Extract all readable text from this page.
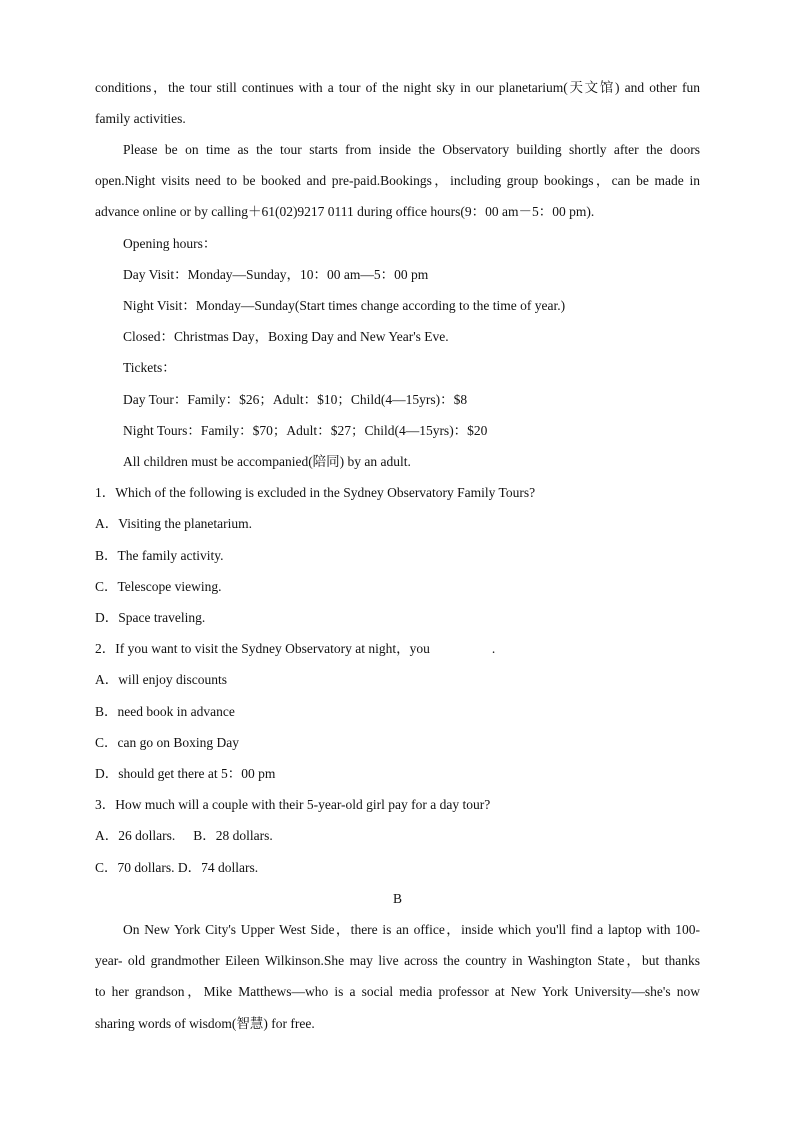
conditions，the tour still continues with a tour of the night sky in our planetarium(天文馆) and other fun
family activities.
Please be on time as the tour starts from inside the Observatory building shortly after the doors
open.Night visits need to be booked and pre-paid.Bookings，including group bookings，can be made in
advance online or by calling＋61(02)9217 0111 during office hours(9：00 am－5：00 pm).
Opening hours：
Day Visit：Monday—Sunday，10：00 am—5：00 pm
Night Visit：Monday—Sunday(Start times change according to the time of year.)
Closed：Christmas Day，Boxing Day and New Year's Eve.
Tickets：
Day Tour：Family：$26；Adult：$10；Child(4—15yrs)：$8
Night Tours：Family：$70；Adult：$27；Child(4—15yrs)：$20
All children must be accompanied(陪同) by an adult.
1．Which of the following is excluded in the Sydney Observatory Family Tours?
A．Visiting the planetarium.
B．The family activity.
C．Telescope viewing.
D．Space traveling.
2．If you want to visit the Sydney Observatory at night，you	.
A．will enjoy discounts
B．need book in advance
C．can go on Boxing Day
D．should get there at 5：00 pm
3．How much will a couple with their 5-year-old girl pay for a day tour?
A．26 dollars. B．28 dollars.
C．70 dollars. D．74 dollars.
B
On New York City's Upper West Side，there is an office，inside which you'll find a laptop with 100-
year- old grandmother Eileen Wilkinson.She may live across the country in Washington State，but thanks
to her grandson，Mike Matthews—who is a social media professor at New York University—she's now
sharing words of wisdom(智慧) for free.
